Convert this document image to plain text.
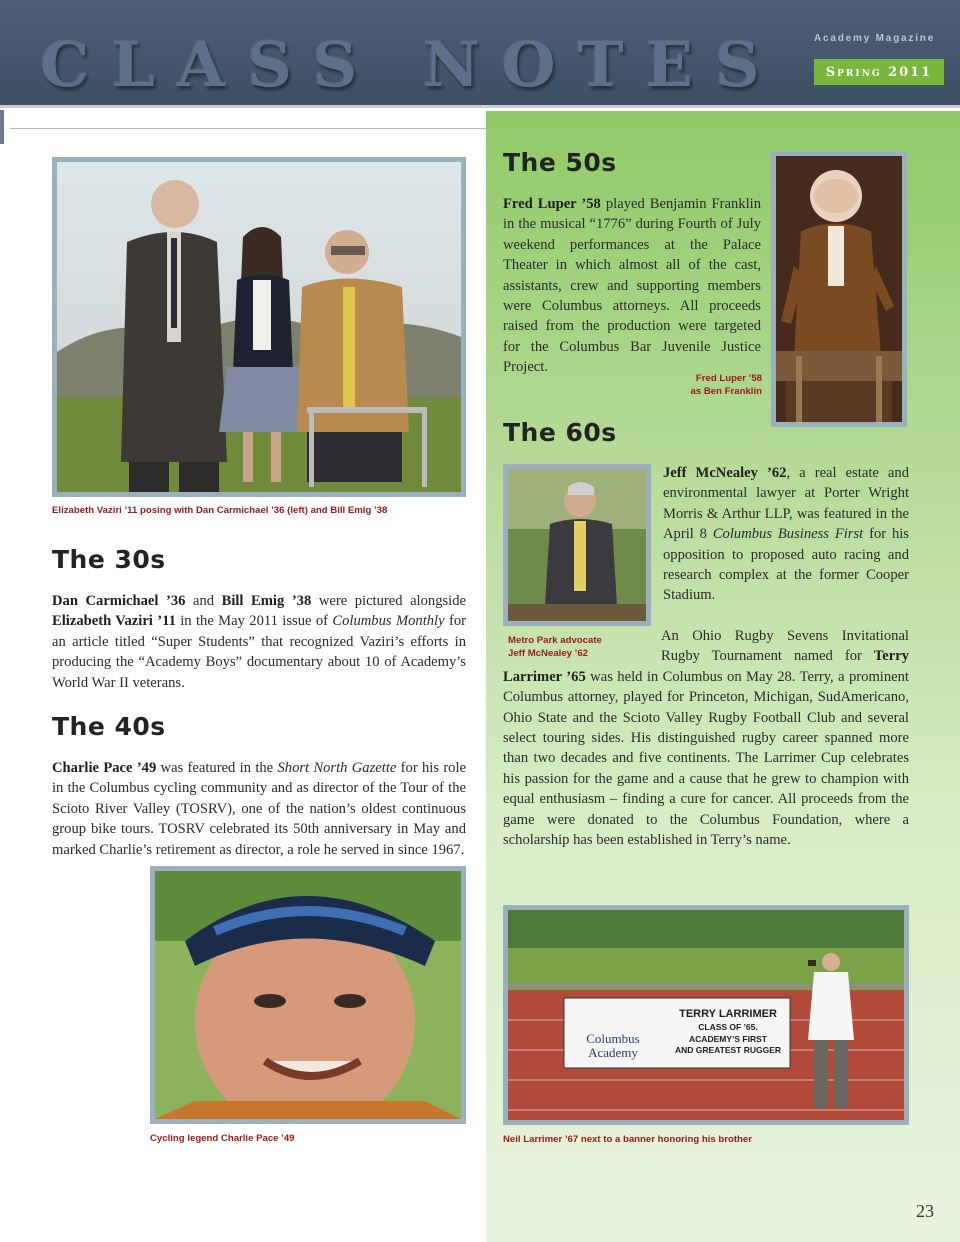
CLASS NOTES	Academy Magazine
Spring 2011
Elizabeth Vaziri ’11 posing with Dan Carmichael ’36 (left) and Bill Emig ’38
The 30s
Dan Carmichael ’36 and Bill Emig ’38 were pictured alongside Elizabeth Vaziri ’11 in the May 2011 issue of Columbus Monthly for an article titled “Super Students” that recognized Vaziri’s efforts in producing the “Academy Boys” documentary about 10 of Academy’s World War II veterans.
The 40s
Charlie Pace ’49 was featured in the Short North Gazette for his role in the Columbus cycling community and as director of the Tour of the Scioto River Valley (TOSRV), one of the nation’s oldest continuous group bike tours. TOSRV celebrated its 50th anniversary in May and marked Charlie’s retirement as director, a role he served in since 1967.
Cycling legend Charlie Pace ’49
The 50s
Fred Luper ’58 played Benjamin Franklin in the musical “1776” during Fourth of July weekend performances at the Palace Theater in which almost all of the cast, assistants, crew and supporting members were Columbus attorneys. All proceeds raised from the production were targeted for the Columbus Bar Juvenile Justice Project.
Fred Luper ’58
as Ben Franklin
The 60s
Metro Park advocate
Jeff McNealey ’62
Jeff McNealey ’62, a real estate and environmental lawyer at Porter Wright Morris & Arthur LLP, was featured in the April 8 Columbus Business First for his opposition to proposed auto racing and research complex at the former Cooper Stadium.
An Ohio Rugby Sevens Invitational Rugby Tournament named for Terry Larrimer ’65 was held in Columbus on May 28. Terry, a prominent Columbus attorney, played for Princeton, Michigan, SudAmericano, Ohio State and the Scioto Valley Rugby Football Club and several select touring sides. His distinguished rugby career spanned more than two decades and five continents. The Larrimer Cup celebrates his passion for the game and a cause that he grew to champion with equal enthusiasm – finding a cure for cancer. All proceeds from the game were donated to the Columbus Foundation, where a scholarship has been established in Terry’s name.
Columbus
Academy
TERRY LARRIMER
CLASS OF ’65.
ACADEMY’S FIRST
AND GREATEST RUGGER
Neil Larrimer ’67 next to a banner honoring his brother
23
